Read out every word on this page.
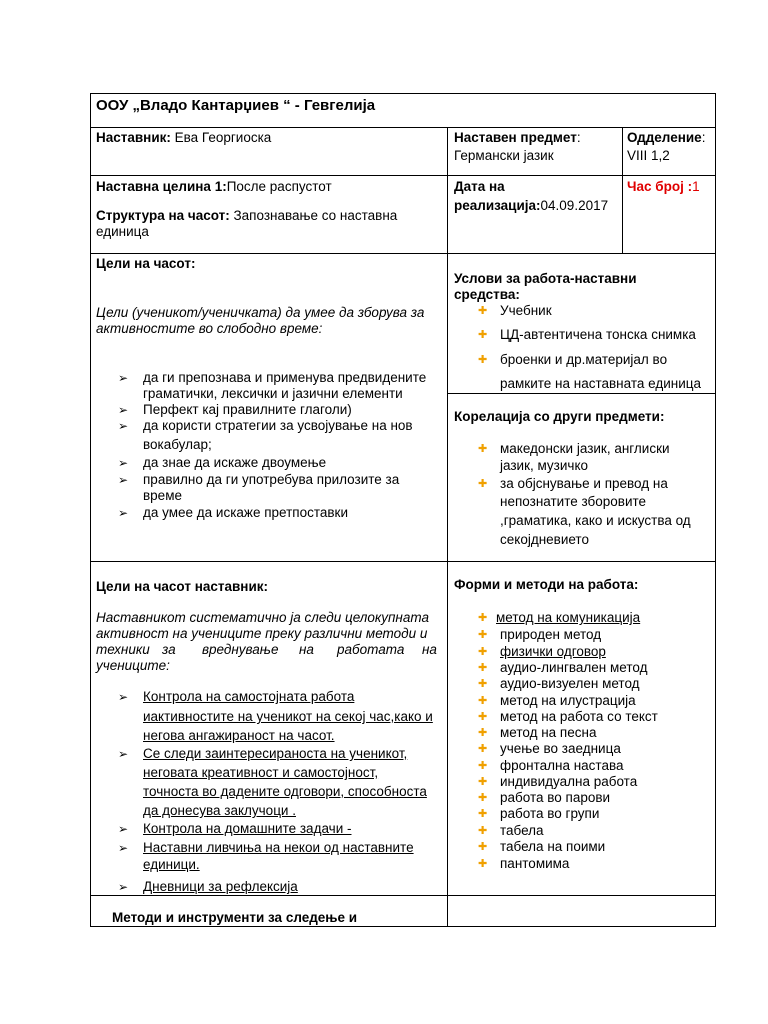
ООУ „Владо Кантарџиев “ - Гевгелија
Наставник: Ева Георгиоска	Наставен предмет:
Германски јазик
Одделение:
VIII 1,2
Наставна целина 1:После распустот
Структура на часот: Запознавање со наставна
единица
Дата на
реализација:04.09.2017
Час број :1
Цели на часот:
Цели (ученикот/ученичката) да умее да зборува за
активностите во слободно време:
➢ да ги препознава и применува предвидените
граматички, лексички и јазични елементи
➢ Перфект кај правилните глаголи)
➢ да користи стратегии за усвојување на нов
вокабулар;
➢ да знае да искаже двоумење
➢ правилно да ги употребува прилозите за
време
➢ да умее да искаже претпоставки
Услови за работа-наставни
средства:
✚ Учебник
✚ ЦД-автентичена тонска снимка
✚ броенки и др.материјал во
рамките на наставната единица
Корелација со други предмети:
✚ македонски јазик, англиски
јазик, музичко
✚ за објснување и превод на
непознатите зборовите
,граматика, како и искуства од
секојдневието
Цели на часот наставник:
Наставникот систематично ја следи целокупната
активност на учениците преку различни методи и
техники за вреднување на работата на
учениците:
➢ Контрола на самостојната работа
иактивностите на ученикот на секој час,како и
негова ангажираност на часот.
➢ Се следи заинтересираноста на ученикот,
неговата креативност и самостојност,
точноста во дадените одговори, способноста
да донесува заклучоци .
➢ Контрола на домашните задачи -
➢ Наставни ливчиња на некои од наставните
единици.
➢ Дневници за рефлексија
Форми и методи на работа:
✚ метод на комуникација
✚ природен метод
✚ физички одговор
✚ аудио-лингвален метод
✚ аудио-визуелен метод
✚ метод на илустрација
✚ метод на работа со текст
✚ метод на песна
✚ учење во заедница
✚ фронтална настава
✚ индивидуална работа
✚ работа во парови
✚ работа во групи
✚ табела
✚ табела на поими
✚ пантомима
Методи и инструменти за следење и
